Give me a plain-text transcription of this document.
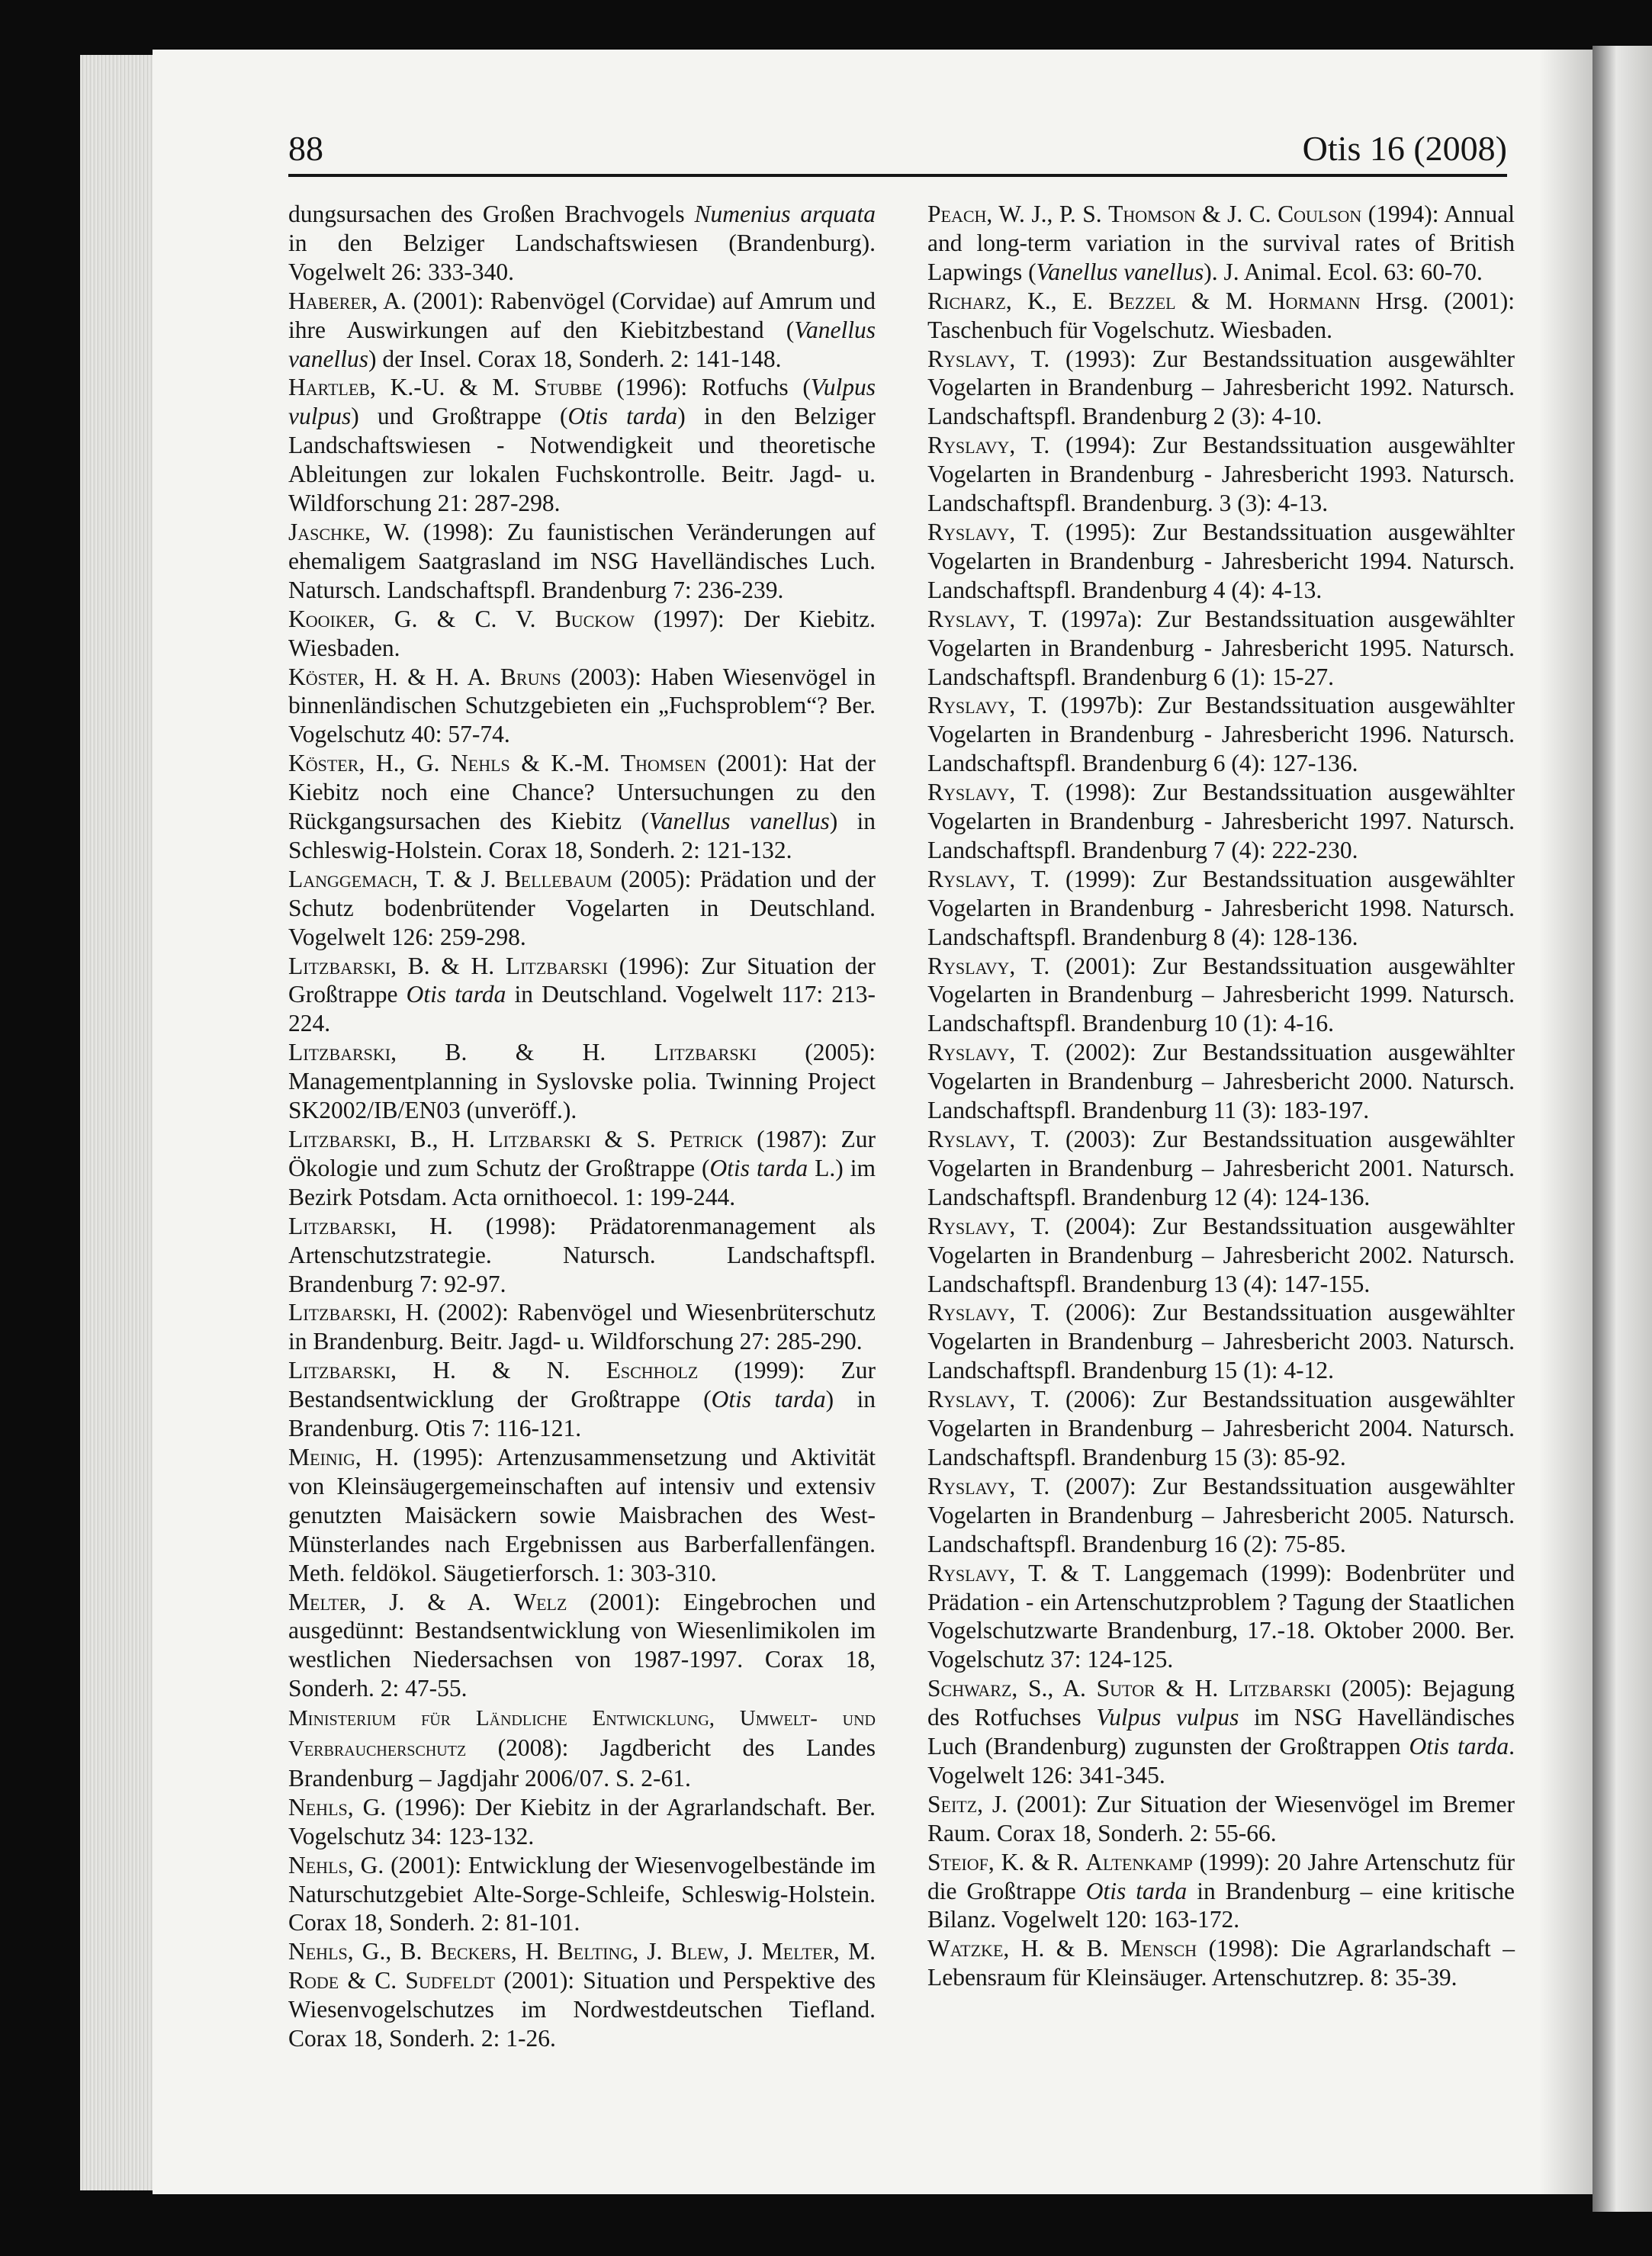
88	Otis 16 (2008)

dungsursachen des Großen Brachvogels Numenius arquata in den Belziger Landschaftswiesen (Brandenburg). Vogelwelt 26: 333-340.

Haberer, A. (2001): Rabenvögel (Corvidae) auf Amrum und ihre Auswirkungen auf den Kiebitzbestand (Vanellus vanellus) der Insel. Corax 18, Sonderh. 2: 141-148.

Hartleb, K.-U. & M. Stubbe (1996): Rotfuchs (Vulpus vulpus) und Großtrappe (Otis tarda) in den Belziger Landschaftswiesen - Notwendigkeit und theoretische Ableitungen zur lokalen Fuchskontrolle. Beitr. Jagd- u. Wildforschung 21: 287-298.

Jaschke, W. (1998): Zu faunistischen Veränderungen auf ehemaligem Saatgrasland im NSG Havelländisches Luch. Natursch. Landschaftspfl. Brandenburg 7: 236-239.

Kooiker, G. & C. V. Buckow (1997): Der Kiebitz. Wiesbaden.

Köster, H. & H. A. Bruns (2003): Haben Wiesenvögel in binnenländischen Schutzgebieten ein „Fuchsproblem“? Ber. Vogelschutz 40: 57-74.

Köster, H., G. Nehls & K.-M. Thomsen (2001): Hat der Kiebitz noch eine Chance? Untersuchungen zu den Rückgangsursachen des Kiebitz (Vanellus vanellus) in Schleswig-Holstein. Corax 18, Sonderh. 2: 121-132.

Langgemach, T. & J. Bellebaum (2005): Prädation und der Schutz bodenbrütender Vogelarten in Deutschland. Vogelwelt 126: 259-298.

Litzbarski, B. & H. Litzbarski (1996): Zur Situation der Großtrappe Otis tarda in Deutschland. Vogelwelt 117: 213-224.

Litzbarski, B. & H. Litzbarski (2005): Managementplanning in Syslovske polia. Twinning Project SK2002/IB/EN03 (unveröff.).

Litzbarski, B., H. Litzbarski & S. Petrick (1987): Zur Ökologie und zum Schutz der Großtrappe (Otis tarda L.) im Bezirk Potsdam. Acta ornithoecol. 1: 199-244.

Litzbarski, H. (1998): Prädatorenmanagement als Artenschutzstrategie. Natursch. Landschaftspfl. Brandenburg 7: 92-97.

Litzbarski, H. (2002): Rabenvögel und Wiesenbrüterschutz in Brandenburg. Beitr. Jagd- u. Wildforschung 27: 285-290.

Litzbarski, H. & N. Eschholz (1999): Zur Bestandsentwicklung der Großtrappe (Otis tarda) in Brandenburg. Otis 7: 116-121.

Meinig, H. (1995): Artenzusammensetzung und Aktivität von Kleinsäugergemeinschaften auf intensiv und extensiv genutzten Maisäckern sowie Maisbrachen des West-Münsterlandes nach Ergebnissen aus Barberfallenfängen. Meth. feldökol. Säugetierforsch. 1: 303-310.

Melter, J. & A. Welz (2001): Eingebrochen und ausgedünnt: Bestandsentwicklung von Wiesenlimikolen im westlichen Niedersachsen von 1987-1997. Corax 18, Sonderh. 2: 47-55.

Ministerium für Ländliche Entwicklung, Umwelt- und Verbraucherschutz (2008): Jagdbericht des Landes Brandenburg – Jagdjahr 2006/07. S. 2-61.

Nehls, G. (1996): Der Kiebitz in der Agrarlandschaft. Ber. Vogelschutz 34: 123-132.

Nehls, G. (2001): Entwicklung der Wiesenvogelbestände im Naturschutzgebiet Alte-Sorge-Schleife, Schleswig-Holstein. Corax 18, Sonderh. 2: 81-101.

Nehls, G., B. Beckers, H. Belting, J. Blew, J. Melter, M. Rode & C. Sudfeldt (2001): Situation und Perspektive des Wiesenvogelschutzes im Nordwestdeutschen Tiefland. Corax 18, Sonderh. 2: 1-26.

Peach, W. J., P. S. Thomson & J. C. Coulson (1994): Annual and long-term variation in the survival rates of British Lapwings (Vanellus vanellus). J. Animal. Ecol. 63: 60-70.

Richarz, K., E. Bezzel & M. Hormann Hrsg. (2001): Taschenbuch für Vogelschutz. Wiesbaden.

Ryslavy, T. (1993): Zur Bestandssituation ausgewählter Vogelarten in Brandenburg – Jahresbericht 1992. Natursch. Landschaftspfl. Brandenburg 2 (3): 4-10.

Ryslavy, T. (1994): Zur Bestandssituation ausgewählter Vogelarten in Brandenburg - Jahresbericht 1993. Natursch. Landschaftspfl. Brandenburg. 3 (3): 4-13.

Ryslavy, T. (1995): Zur Bestandssituation ausgewählter Vogelarten in Brandenburg - Jahresbericht 1994. Natursch. Landschaftspfl. Brandenburg 4 (4): 4-13.

Ryslavy, T. (1997a): Zur Bestandssituation ausgewählter Vogelarten in Brandenburg - Jahresbericht 1995. Natursch. Landschaftspfl. Brandenburg 6 (1): 15-27.

Ryslavy, T. (1997b): Zur Bestandssituation ausgewählter Vogelarten in Brandenburg - Jahresbericht 1996. Natursch. Landschaftspfl. Brandenburg 6 (4): 127-136.

Ryslavy, T. (1998): Zur Bestandssituation ausgewählter Vogelarten in Brandenburg - Jahresbericht 1997. Natursch. Landschaftspfl. Brandenburg 7 (4): 222-230.

Ryslavy, T. (1999): Zur Bestandssituation ausgewählter Vogelarten in Brandenburg - Jahresbericht 1998. Natursch. Landschaftspfl. Brandenburg 8 (4): 128-136.

Ryslavy, T. (2001): Zur Bestandssituation ausgewählter Vogelarten in Brandenburg – Jahresbericht 1999. Natursch. Landschaftspfl. Brandenburg 10 (1): 4-16.

Ryslavy, T. (2002): Zur Bestandssituation ausgewählter Vogelarten in Brandenburg – Jahresbericht 2000. Natursch. Landschaftspfl. Brandenburg 11 (3): 183-197.

Ryslavy, T. (2003): Zur Bestandssituation ausgewählter Vogelarten in Brandenburg – Jahresbericht 2001. Natursch. Landschaftspfl. Brandenburg 12 (4): 124-136.

Ryslavy, T. (2004): Zur Bestandssituation ausgewählter Vogelarten in Brandenburg – Jahresbericht 2002. Natursch. Landschaftspfl. Brandenburg 13 (4): 147-155.

Ryslavy, T. (2006): Zur Bestandssituation ausgewählter Vogelarten in Brandenburg – Jahresbericht 2003. Natursch. Landschaftspfl. Brandenburg 15 (1): 4-12.

Ryslavy, T. (2006): Zur Bestandssituation ausgewählter Vogelarten in Brandenburg – Jahresbericht 2004. Natursch. Landschaftspfl. Brandenburg 15 (3): 85-92.

Ryslavy, T. (2007): Zur Bestandssituation ausgewählter Vogelarten in Brandenburg – Jahresbericht 2005. Natursch. Landschaftspfl. Brandenburg 16 (2): 75-85.

Ryslavy, T. & T. Langgemach (1999): Bodenbrüter und Prädation - ein Artenschutzproblem ? Tagung der Staatlichen Vogelschutzwarte Brandenburg, 17.-18. Oktober 2000. Ber. Vogelschutz 37: 124-125.

Schwarz, S., A. Sutor & H. Litzbarski (2005): Bejagung des Rotfuchses Vulpus vulpus im NSG Havelländisches Luch (Brandenburg) zugunsten der Großtrappen Otis tarda. Vogelwelt 126: 341-345.

Seitz, J. (2001): Zur Situation der Wiesenvögel im Bremer Raum. Corax 18, Sonderh. 2: 55-66.

Steiof, K. & R. Altenkamp (1999): 20 Jahre Artenschutz für die Großtrappe Otis tarda in Brandenburg – eine kritische Bilanz. Vogelwelt 120: 163-172.

Watzke, H. & B. Mensch (1998): Die Agrarlandschaft – Lebensraum für Kleinsäuger. Artenschutzrep. 8: 35-39.
